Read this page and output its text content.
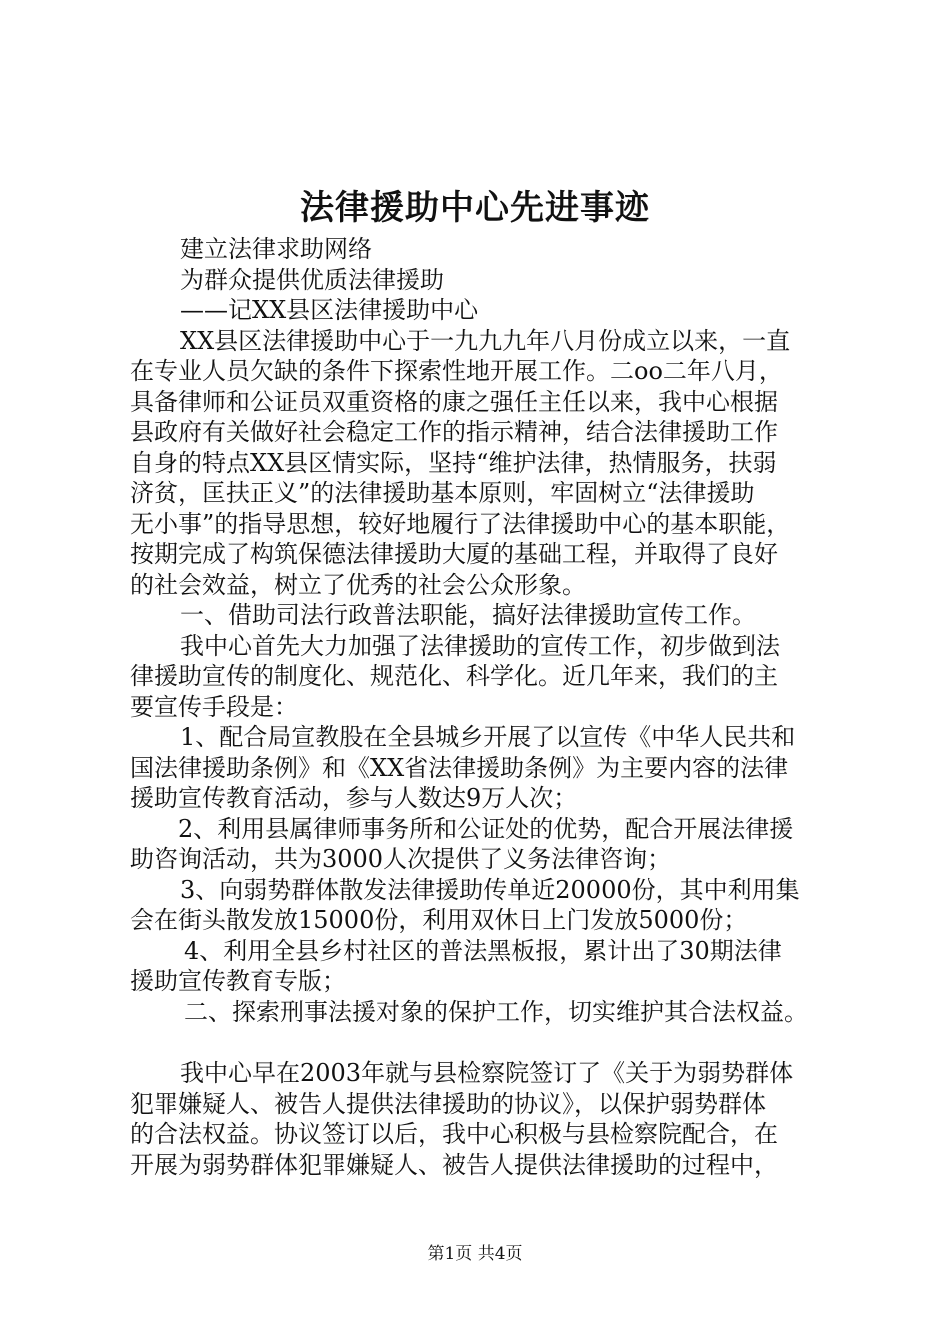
法律援助中心先进事迹
建立法律求助网络
为群众提供优质法律援助
——记XX县区法律援助中心
XX县区法律援助中心于一九九九年八月份成立以来，一直
在专业人员欠缺的条件下探索性地开展工作。二oo二年八月，
具备律师和公证员双重资格的康之强任主任以来，我中心根据
县政府有关做好社会稳定工作的指示精神，结合法律援助工作
自身的特点XX县区情实际，坚持“维护法律，热情服务，扶弱
济贫，匡扶正义”的法律援助基本原则，牢固树立“法律援助
无小事”的指导思想，较好地履行了法律援助中心的基本职能，
按期完成了构筑保德法律援助大厦的基础工程，并取得了良好
的社会效益，树立了优秀的社会公众形象。
一、借助司法行政普法职能，搞好法律援助宣传工作。
我中心首先大力加强了法律援助的宣传工作，初步做到法
律援助宣传的制度化、规范化、科学化。近几年来，我们的主
要宣传手段是：
1、配合局宣教股在全县城乡开展了以宣传《中华人民共和
国法律援助条例》和《XX省法律援助条例》为主要内容的法律
援助宣传教育活动，参与人数达9万人次；
2、利用县属律师事务所和公证处的优势，配合开展法律援
助咨询活动，共为3000人次提供了义务法律咨询；
3、向弱势群体散发法律援助传单近20000份，其中利用集
会在街头散发放15000份，利用双休日上门发放5000份；
4、利用全县乡村社区的普法黑板报，累计出了30期法律
援助宣传教育专版；
二、探索刑事法援对象的保护工作，切实维护其合法权益。
我中心早在2003年就与县检察院签订了《关于为弱势群体
犯罪嫌疑人、被告人提供法律援助的协议》，以保护弱势群体
的合法权益。协议签订以后，我中心积极与县检察院配合，在
开展为弱势群体犯罪嫌疑人、被告人提供法律援助的过程中，
第1页 共4页
